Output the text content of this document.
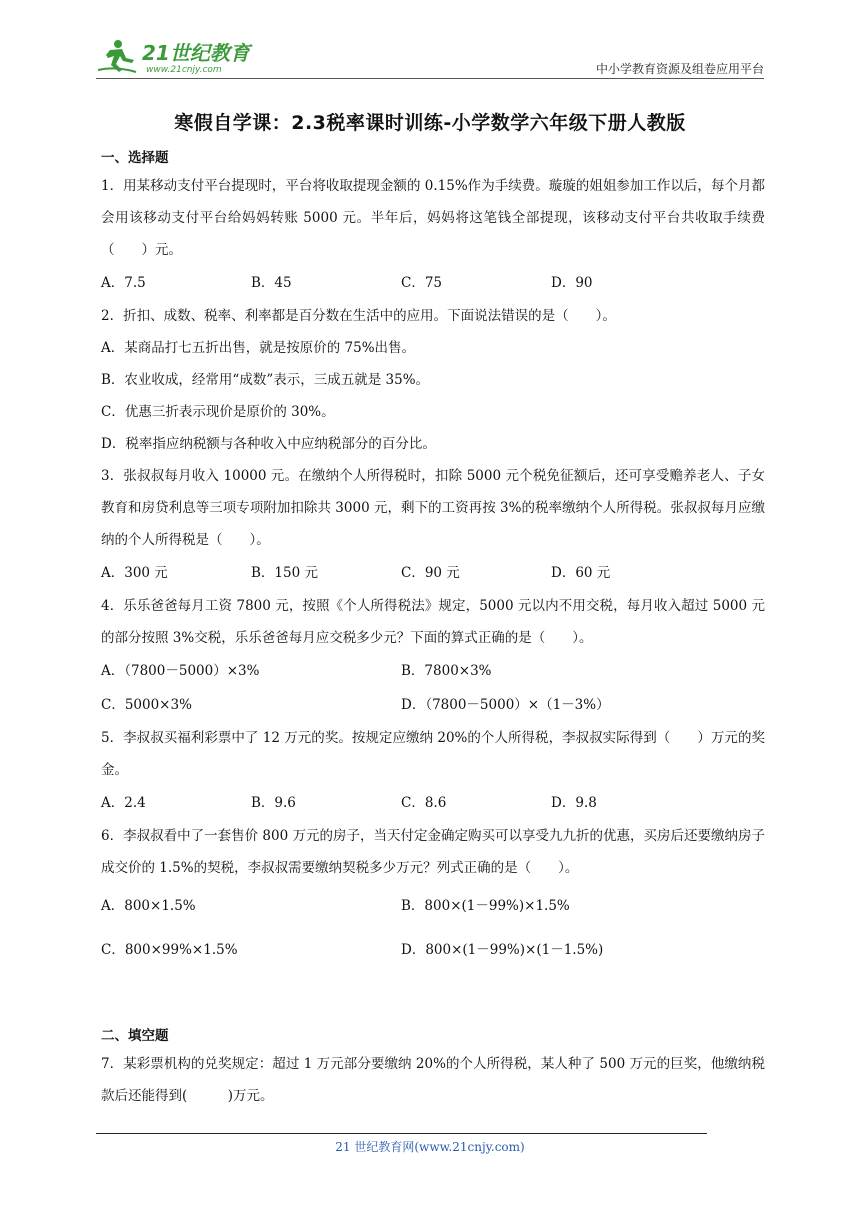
21世纪教育
www.21cnjy.com	中小学教育资源及组卷应用平台
寒假自学课：2.3税率课时训练-小学数学六年级下册人教版
一、选择题
1．用某移动支付平台提现时，平台将收取提现金额的 0.15%作为手续费。璇璇的姐姐参加工作以后，每个月都会用该移动支付平台给妈妈转账 5000 元。半年后，妈妈将这笔钱全部提现，该移动支付平台共收取手续费（　　）元。
A．7.5	B．45	C．75	D．90
2．折扣、成数、税率、利率都是百分数在生活中的应用。下面说法错误的是（　　）。
A．某商品打七五折出售，就是按原价的 75%出售。
B．农业收成，经常用“成数”表示，三成五就是 35%。
C．优惠三折表示现价是原价的 30%。
D．税率指应纳税额与各种收入中应纳税部分的百分比。
3．张叔叔每月收入 10000 元。在缴纳个人所得税时，扣除 5000 元个税免征额后，还可享受赡养老人、子女教育和房贷利息等三项专项附加扣除共 3000 元，剩下的工资再按 3%的税率缴纳个人所得税。张叔叔每月应缴纳的个人所得税是（　　）。
A．300 元	B．150 元	C．90 元	D．60 元
4．乐乐爸爸每月工资 7800 元，按照《个人所得税法》规定，5000 元以内不用交税，每月收入超过 5000 元的部分按照 3%交税，乐乐爸爸每月应交税多少元？下面的算式正确的是（　　）。
A．（7800－5000）×3%	B．7800×3%
C．5000×3%	D．（7800－5000）×（1－3%）
5．李叔叔买福利彩票中了 12 万元的奖。按规定应缴纳 20%的个人所得税，李叔叔实际得到（　　）万元的奖金。
A．2.4	B．9.6	C．8.6	D．9.8
6．李叔叔看中了一套售价 800 万元的房子，当天付定金确定购买可以享受九九折的优惠，买房后还要缴纳房子成交价的 1.5%的契税，李叔叔需要缴纳契税多少万元？列式正确的是（　　）。
A．800×1.5%	B．800×(1－99%)×1.5%
C．800×99%×1.5%	D．800×(1－99%)×(1－1.5%)
二、填空题
7．某彩票机构的兑奖规定：超过 1 万元部分要缴纳 20%的个人所得税，某人种了 500 万元的巨奖，他缴纳税款后还能得到(　　　)万元。
21 世纪教育网(www.21cnjy.com)
